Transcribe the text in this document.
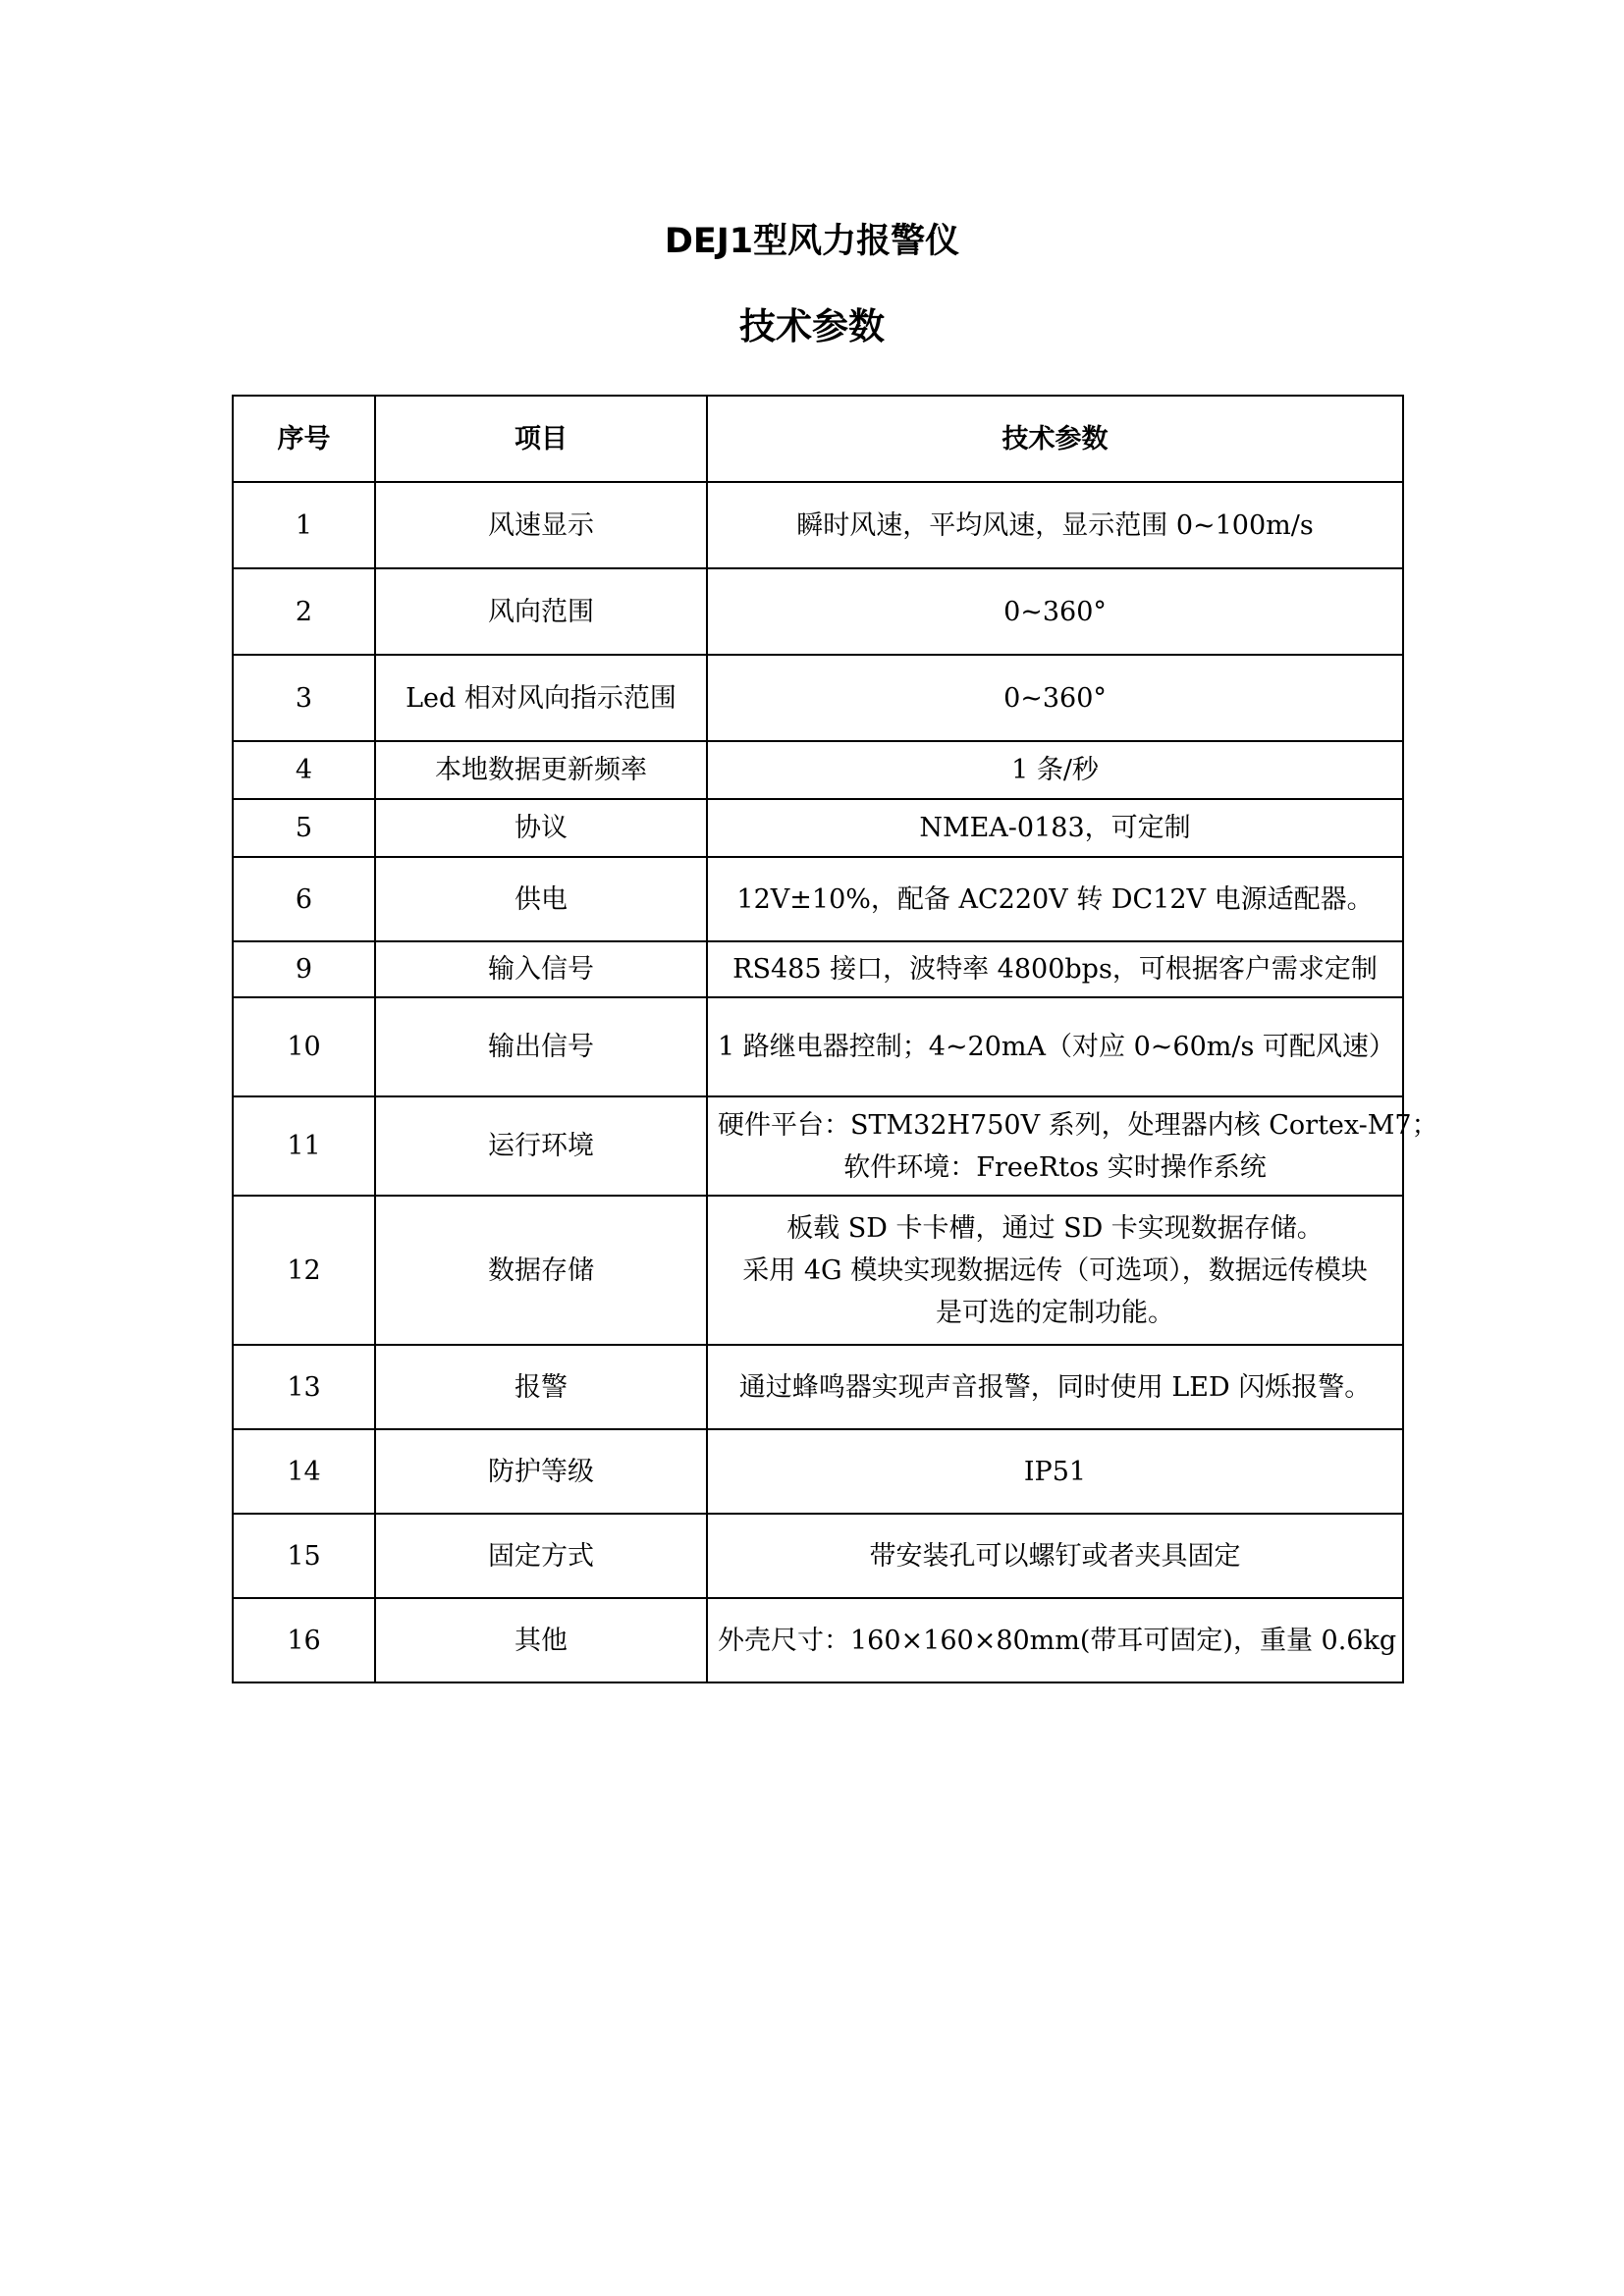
DEJ1型风力报警仪
技术参数
序号	项目	技术参数
1	风速显示	瞬时风速，平均风速，显示范围 0~100m/s

2	风向范围	0~360°

3	Led 相对风向指示范围	0~360°

4	本地数据更新频率	1 条/秒

5	协议	NMEA-0183，可定制

6	供电	12V±10%，配备 AC220V 转 DC12V 电源适配器。

9	输入信号	RS485 接口，波特率 4800bps，可根据客户需求定制

10	输出信号	1 路继电器控制；4~20mA（对应 0~60m/s 可配风速）

11	运行环境	硬件平台：STM32H750V 系列，处理器内核 Cortex-M7；
软件环境：FreeRtos 实时操作系统

12	数据存储	板载 SD 卡卡槽，通过 SD 卡实现数据存储。
采用 4G 模块实现数据远传（可选项），数据远传模块
是可选的定制功能。

13	报警	通过蜂鸣器实现声音报警，同时使用 LED 闪烁报警。

14	防护等级	IP51

15	固定方式	带安装孔可以螺钉或者夹具固定

16	其他	外壳尺寸：160×160×80mm(带耳可固定)，重量 0.6kg
